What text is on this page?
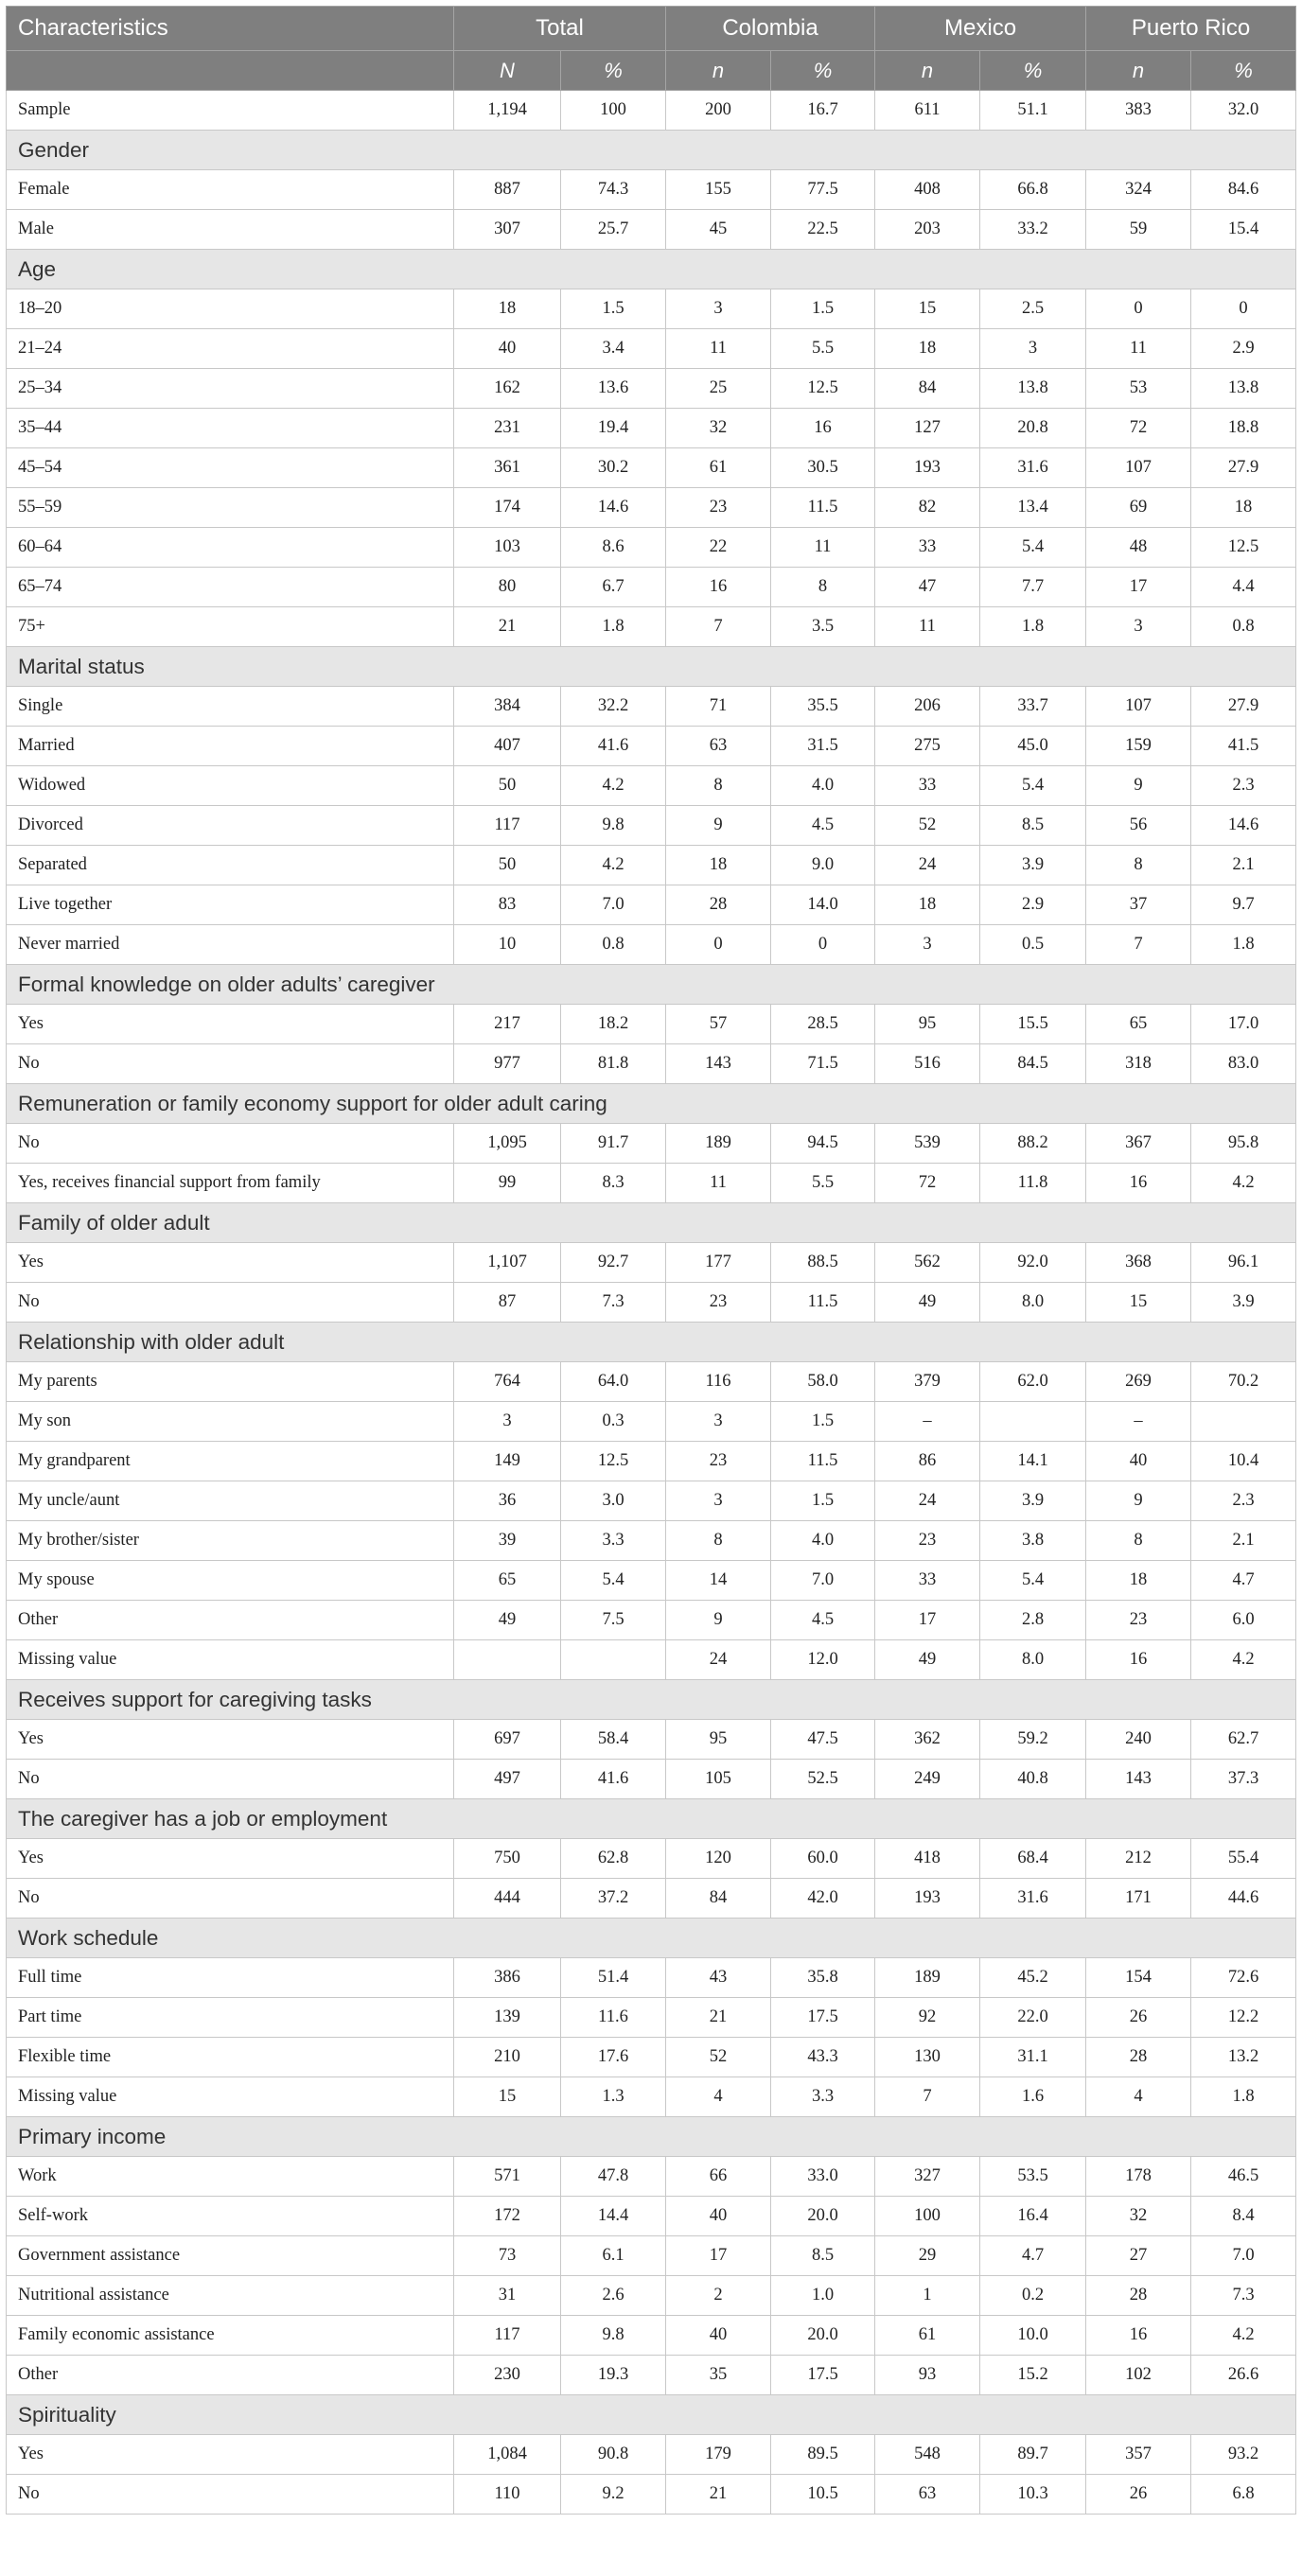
Characteristics	Total		Colombia		Mexico		Puerto Rico	
	N	%	n	%	n	%	n	%
Sample	1,194	100	200	16.7	611	51.1	383	32.0
Gender								
Female	887	74.3	155	77.5	408	66.8	324	84.6
Male	307	25.7	45	22.5	203	33.2	59	15.4
Age								
18–20	18	1.5	3	1.5	15	2.5	0	0
21–24	40	3.4	11	5.5	18	3	11	2.9
25–34	162	13.6	25	12.5	84	13.8	53	13.8
35–44	231	19.4	32	16	127	20.8	72	18.8
45–54	361	30.2	61	30.5	193	31.6	107	27.9
55–59	174	14.6	23	11.5	82	13.4	69	18
60–64	103	8.6	22	11	33	5.4	48	12.5
65–74	80	6.7	16	8	47	7.7	17	4.4
75+	21	1.8	7	3.5	11	1.8	3	0.8
Marital status								
Single	384	32.2	71	35.5	206	33.7	107	27.9
Married	407	41.6	63	31.5	275	45.0	159	41.5
Widowed	50	4.2	8	4.0	33	5.4	9	2.3
Divorced	117	9.8	9	4.5	52	8.5	56	14.6
Separated	50	4.2	18	9.0	24	3.9	8	2.1
Live together	83	7.0	28	14.0	18	2.9	37	9.7
Never married	10	0.8	0	0	3	0.5	7	1.8
Formal knowledge on older adults’ caregiver								
Yes	217	18.2	57	28.5	95	15.5	65	17.0
No	977	81.8	143	71.5	516	84.5	318	83.0
Remuneration or family economy support for older adult caring								
No	1,095	91.7	189	94.5	539	88.2	367	95.8
Yes, receives financial support from family	99	8.3	11	5.5	72	11.8	16	4.2
Family of older adult								
Yes	1,107	92.7	177	88.5	562	92.0	368	96.1
No	87	7.3	23	11.5	49	8.0	15	3.9
Relationship with older adult								
My parents	764	64.0	116	58.0	379	62.0	269	70.2
My son	3	0.3	3	1.5	–		–	
My grandparent	149	12.5	23	11.5	86	14.1	40	10.4
My uncle/aunt	36	3.0	3	1.5	24	3.9	9	2.3
My brother/sister	39	3.3	8	4.0	23	3.8	8	2.1
My spouse	65	5.4	14	7.0	33	5.4	18	4.7
Other	49	7.5	9	4.5	17	2.8	23	6.0
Missing value			24	12.0	49	8.0	16	4.2
Receives support for caregiving tasks								
Yes	697	58.4	95	47.5	362	59.2	240	62.7
No	497	41.6	105	52.5	249	40.8	143	37.3
The caregiver has a job or employment								
Yes	750	62.8	120	60.0	418	68.4	212	55.4
No	444	37.2	84	42.0	193	31.6	171	44.6
Work schedule								
Full time	386	51.4	43	35.8	189	45.2	154	72.6
Part time	139	11.6	21	17.5	92	22.0	26	12.2
Flexible time	210	17.6	52	43.3	130	31.1	28	13.2
Missing value	15	1.3	4	3.3	7	1.6	4	1.8
Primary income								
Work	571	47.8	66	33.0	327	53.5	178	46.5
Self-work	172	14.4	40	20.0	100	16.4	32	8.4
Government assistance	73	6.1	17	8.5	29	4.7	27	7.0
Nutritional assistance	31	2.6	2	1.0	1	0.2	28	7.3
Family economic assistance	117	9.8	40	20.0	61	10.0	16	4.2
Other	230	19.3	35	17.5	93	15.2	102	26.6
Spirituality								
Yes	1,084	90.8	179	89.5	548	89.7	357	93.2
No	110	9.2	21	10.5	63	10.3	26	6.8
